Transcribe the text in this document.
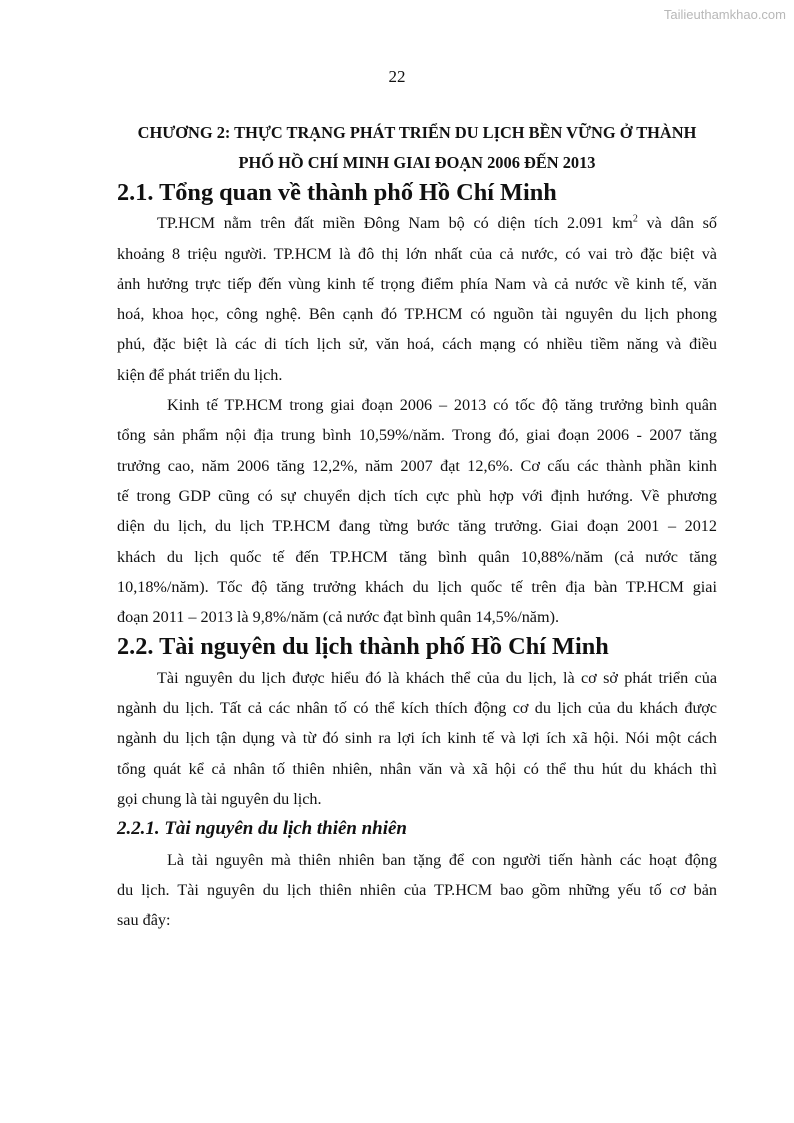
Tailieuthamkhao.com
22
CHƯƠNG 2: THỰC TRẠNG PHÁT TRIỂN DU LỊCH BỀN VỮNG Ở THÀNH
PHỐ HỒ CHÍ MINH GIAI ĐOẠN 2006 ĐẾN 2013
2.1. Tổng quan về thành phố Hồ Chí Minh

TP.HCM nằm trên đất miền Đông Nam bộ có diện tích 2.091 $km^2$ và dân số
khoảng 8 triệu người. TP.HCM là đô thị lớn nhất của cả nước, có vai trò đặc biệt và
ảnh hưởng trực tiếp đến vùng kinh tế trọng điểm phía Nam và cả nước về kinh tế, văn
hoá, khoa học, công nghệ. Bên cạnh đó TP.HCM có nguồn tài nguyên du lịch phong
phú, đặc biệt là các di tích lịch sử, văn hoá, cách mạng có nhiều tiềm năng và điều
kiện để phát triển du lịch.

Kinh tế TP.HCM trong giai đoạn 2006 – 2013 có tốc độ tăng trưởng bình quân
tổng sản phẩm nội địa trung bình 10,59%/năm. Trong đó, giai đoạn 2006 - 2007 tăng
trưởng cao, năm 2006 tăng 12,2%, năm 2007 đạt 12,6%. Cơ cấu các thành phần kinh
tế trong GDP cũng có sự chuyển dịch tích cực phù hợp với định hướng. Về phương
diện du lịch, du lịch TP.HCM đang từng bước tăng trưởng. Giai đoạn 2001 – 2012
khách du lịch quốc tế đến TP.HCM tăng bình quân 10,88%/năm (cả nước tăng
10,18%/năm). Tốc độ tăng trưởng khách du lịch quốc tế trên địa bàn TP.HCM giai
đoạn 2011 – 2013 là 9,8%/năm (cả nước đạt bình quân 14,5%/năm).

2.2. Tài nguyên du lịch thành phố Hồ Chí Minh

Tài nguyên du lịch được hiểu đó là khách thể của du lịch, là cơ sở phát triển của
ngành du lịch. Tất cả các nhân tố có thể kích thích động cơ du lịch của du khách được
ngành du lịch tận dụng và từ đó sinh ra lợi ích kinh tế và lợi ích xã hội. Nói một cách
tổng quát kể cả nhân tố thiên nhiên, nhân văn và xã hội có thể thu hút du khách thì
gọi chung là tài nguyên du lịch.

2.2.1. Tài nguyên du lịch thiên nhiên

Là tài nguyên mà thiên nhiên ban tặng để con người tiến hành các hoạt động
du lịch. Tài nguyên du lịch thiên nhiên của TP.HCM bao gồm những yếu tố cơ bản
sau đây:
